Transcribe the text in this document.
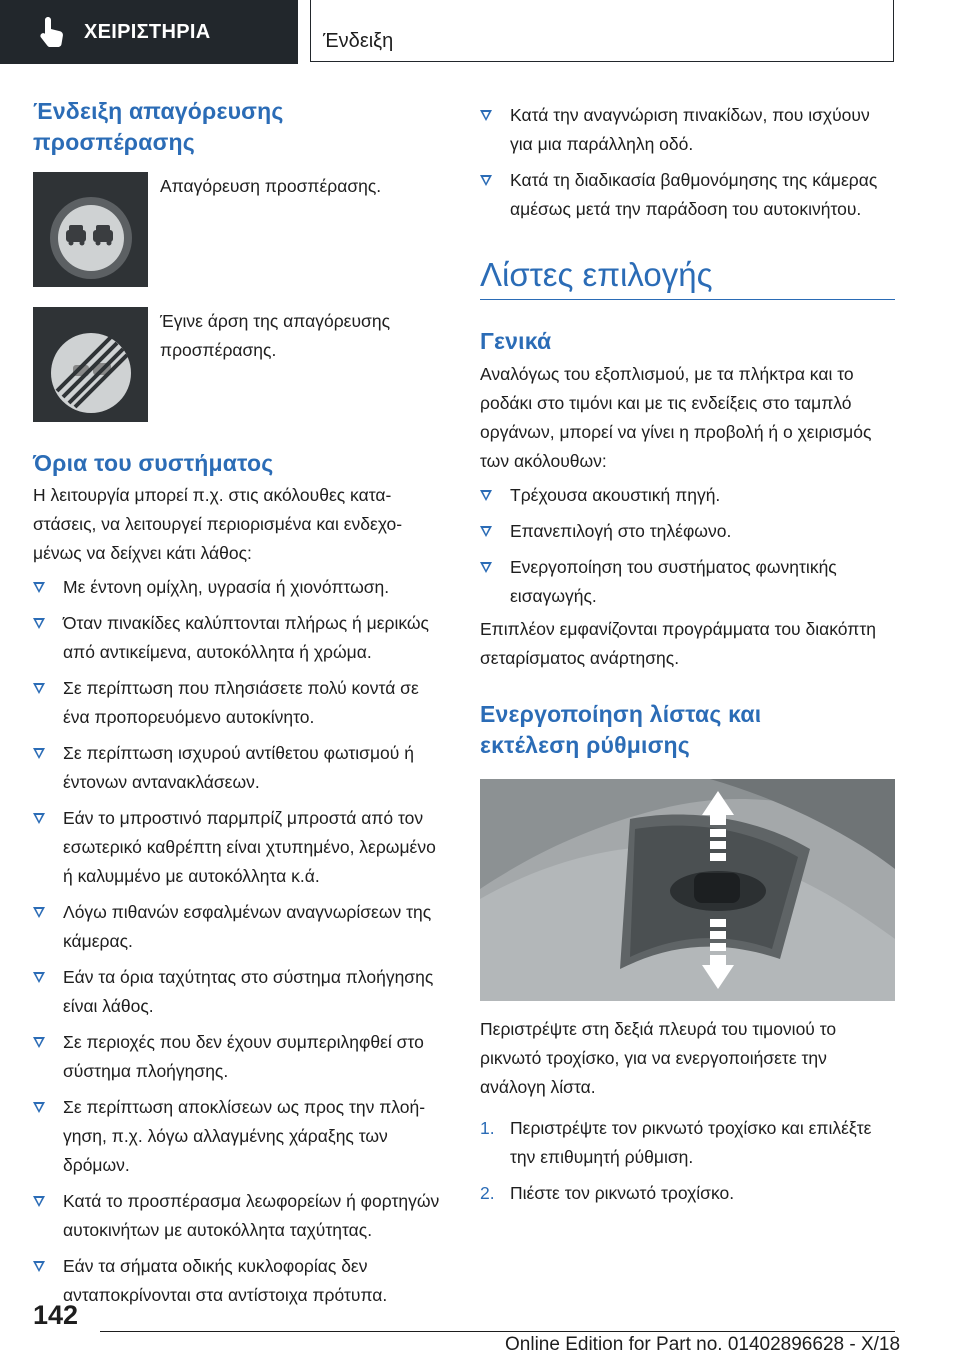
ΧΕΙΡΙΣΤΗΡΙΑ	Ένδειξη
Ένδειξη απαγόρευσης προσπέρασης

Απαγόρευση προσπέρασης.

Έγινε άρση της απαγόρευσης προσπέρασης.

Όρια του συστήματος

Η λειτουργία μπορεί π.χ. στις ακόλουθες καταστάσεις, να λειτουργεί περιορισμένα και ενδεχομένως να δείχνει κάτι λάθος:

Με έντονη ομίχλη, υγρασία ή χιονόπτωση.
Όταν πινακίδες καλύπτονται πλήρως ή μερικώς από αντικείμενα, αυτοκόλλητα ή χρώμα.
Σε περίπτωση που πλησιάσετε πολύ κοντά σε ένα προπορευόμενο αυτοκίνητο.
Σε περίπτωση ισχυρού αντίθετου φωτισμού ή έντονων αντανακλάσεων.
Εάν το μπροστινό παρμπρίζ μπροστά από τον εσωτερικό καθρέπτη είναι χτυπημένο, λερωμένο ή καλυμμένο με αυτοκόλλητα κ.ά.
Λόγω πιθανών εσφαλμένων αναγνωρίσεων της κάμερας.
Εάν τα όρια ταχύτητας στο σύστημα πλοήγησης είναι λάθος.
Σε περιοχές που δεν έχουν συμπεριληφθεί στο σύστημα πλοήγησης.
Σε περίπτωση αποκλίσεων ως προς την πλοήγηση, π.χ. λόγω αλλαγμένης χάραξης των δρόμων.
Κατά το προσπέρασμα λεωφορείων ή φορτηγών αυτοκινήτων με αυτοκόλλητα ταχύτητας.
Εάν τα σήματα οδικής κυκλοφορίας δεν ανταποκρίνονται στα αντίστοιχα πρότυπα.
Κατά την αναγνώριση πινακίδων, που ισχύουν για μια παράλληλη οδό.
Κατά τη διαδικασία βαθμονόμησης της κάμερας αμέσως μετά την παράδοση του αυτοκινήτου.
Λίστες επιλογής
Γενικά

Αναλόγως του εξοπλισμού, με τα πλήκτρα και το ροδάκι στο τιμόνι και με τις ενδείξεις στο ταμπλό οργάνων, μπορεί να γίνει η προβολή ή ο χειρισμός των ακόλουθων:

Τρέχουσα ακουστική πηγή.
Επανεπιλογή στο τηλέφωνο.
Ενεργοποίηση του συστήματος φωνητικής εισαγωγής.

Επιπλέον εμφανίζονται προγράμματα του διακόπτη σεταρίσματος ανάρτησης.

Ενεργοποίηση λίστας και εκτέλεση ρύθμισης

Περιστρέψτε στη δεξιά πλευρά του τιμονιού το ρικνωτό τροχίσκο, για να ενεργοποιήσετε την ανάλογη λίστα.

1. Περιστρέψτε τον ρικνωτό τροχίσκο και επιλέξτε την επιθυμητή ρύθμιση.
2. Πιέστε τον ρικνωτό τροχίσκο.
142
Online Edition for Part no. 01402896628 - X/18
